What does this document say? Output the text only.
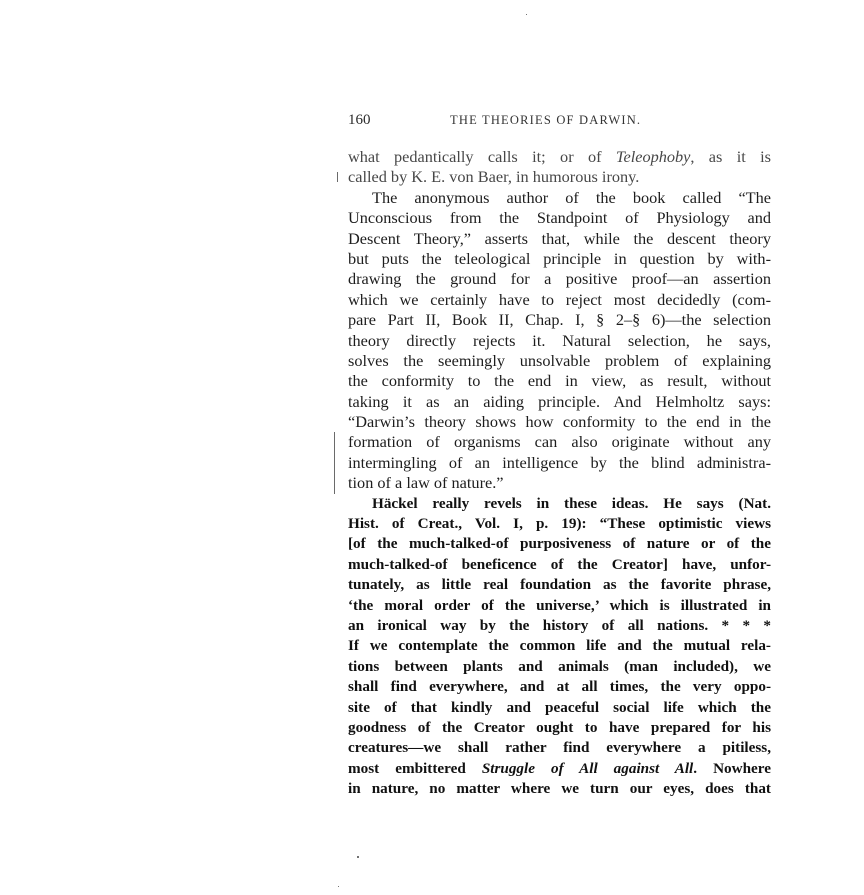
160	THE THEORIES OF DARWIN.
what pedantically calls it; or of Teleophoby, as it is
called by K. E. von Baer, in humorous irony.
The anonymous author of the book called “The
Unconscious from the Standpoint of Physiology and
Descent Theory,” asserts that, while the descent theory
but puts the teleological principle in question by with-
drawing the ground for a positive proof—an assertion
which we certainly have to reject most decidedly (com-
pare Part II, Book II, Chap. I, § 2–§ 6)—the selection
theory directly rejects it. Natural selection, he says,
solves the seemingly unsolvable problem of explaining
the conformity to the end in view, as result, without
taking it as an aiding principle. And Helmholtz says:
“Darwin’s theory shows how conformity to the end in the
formation of organisms can also originate without any
intermingling of an intelligence by the blind administra-
tion of a law of nature.”
Häckel really revels in these ideas. He says (Nat.
Hist. of Creat., Vol. I, p. 19): “These optimistic views
[of the much-talked-of purposiveness of nature or of the
much-talked-of beneficence of the Creator] have, unfor-
tunately, as little real foundation as the favorite phrase,
‘the moral order of the universe,’ which is illustrated in
an ironical way by the history of all nations. * * *
If we contemplate the common life and the mutual rela-
tions between plants and animals (man included), we
shall find everywhere, and at all times, the very oppo-
site of that kindly and peaceful social life which the
goodness of the Creator ought to have prepared for his
creatures—we shall rather find everywhere a pitiless,
most embittered Struggle of All against All. Nowhere
in nature, no matter where we turn our eyes, does that
